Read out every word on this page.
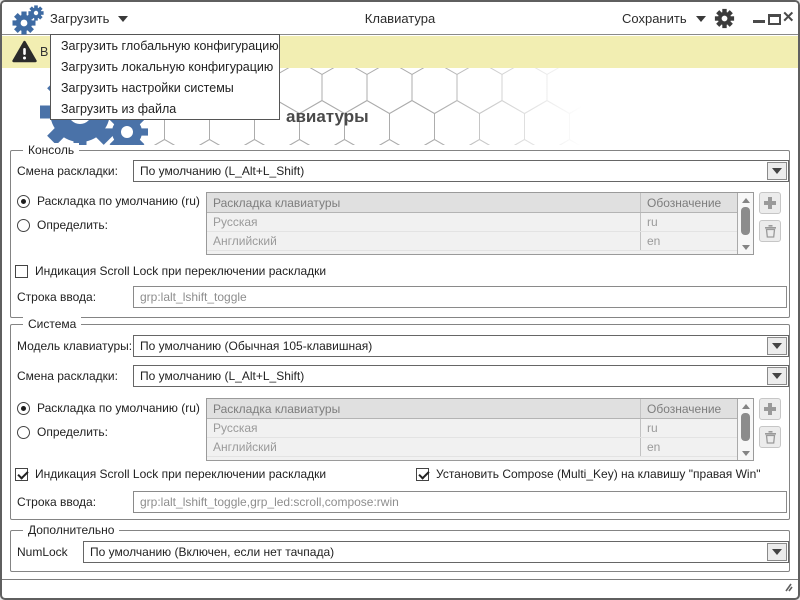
Загрузить	Клавиатура	Сохранить	✕
В
авиатуры
Консоль
Смена раскладки: По умолчанию (L_Alt+L_Shift)
Раскладка по умолчанию (ru)
Определить:
Раскладка клавиатуры	Обозначение
Русская	ru
Английский	en
Индикация Scroll Lock при переключении раскладки
Строка ввода:
grp:lalt_lshift_toggle
Система
Модель клавиатуры: По умолчанию (Обычная 105-клавишная)
Смена раскладки: По умолчанию (L_Alt+L_Shift)
Раскладка по умолчанию (ru)
Определить:
Раскладка клавиатуры	Обозначение
Русская	ru
Английский	en
Индикация Scroll Lock при переключении раскладки	Установить Compose (Multi_Key) на клавишу "правая Win"
Строка ввода:
grp:lalt_lshift_toggle,grp_led:scroll,compose:rwin
Дополнительно
NumLock По умолчанию (Включен, если нет тачпада)
Загрузить глобальную конфигурацию
Загрузить локальную конфигурацию
Загрузить настройки системы
Загрузить из файла
